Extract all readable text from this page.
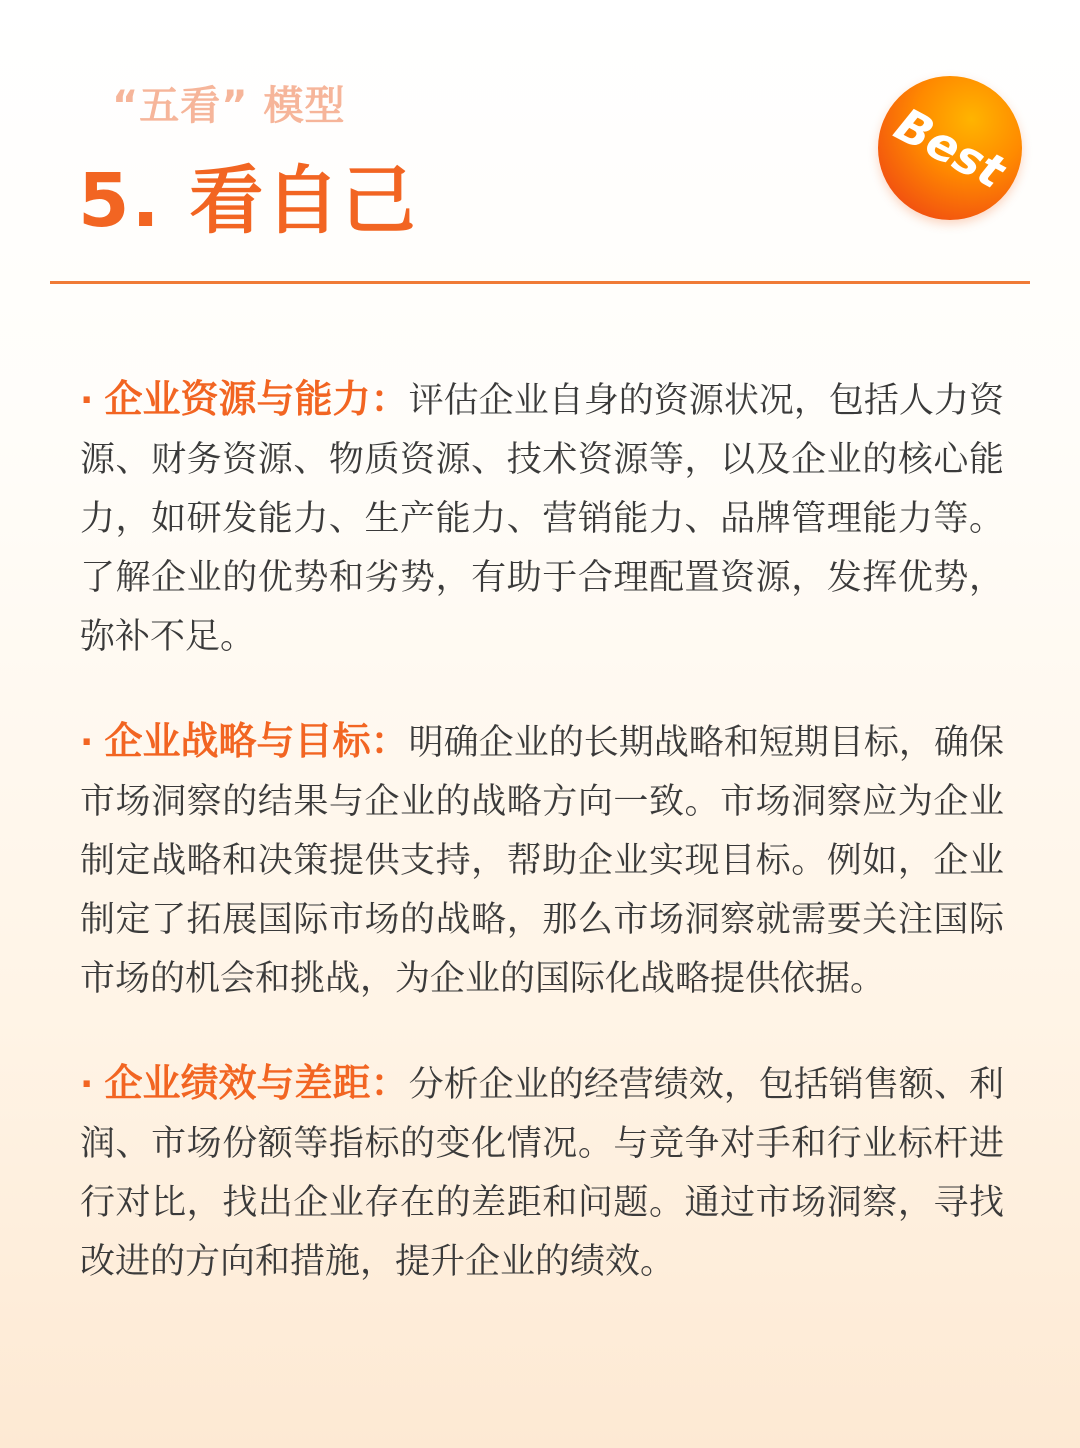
“五看” 模型
5. 看自己
Best

· 企业资源与能力：评估企业自身的资源状况，包括人力资源、财务资源、物质资源、技术资源等，以及企业的核心能力，如研发能力、生产能力、营销能力、品牌管理能力等。了解企业的优势和劣势，有助于合理配置资源，发挥优势，弥补不足。

· 企业战略与目标：明确企业的长期战略和短期目标，确保市场洞察的结果与企业的战略方向一致。市场洞察应为企业制定战略和决策提供支持，帮助企业实现目标。例如，企业制定了拓展国际市场的战略，那么市场洞察就需要关注国际市场的机会和挑战，为企业的国际化战略提供依据。

· 企业绩效与差距：分析企业的经营绩效，包括销售额、利润、市场份额等指标的变化情况。与竞争对手和行业标杆进行对比，找出企业存在的差距和问题。通过市场洞察，寻找改进的方向和措施，提升企业的绩效。
